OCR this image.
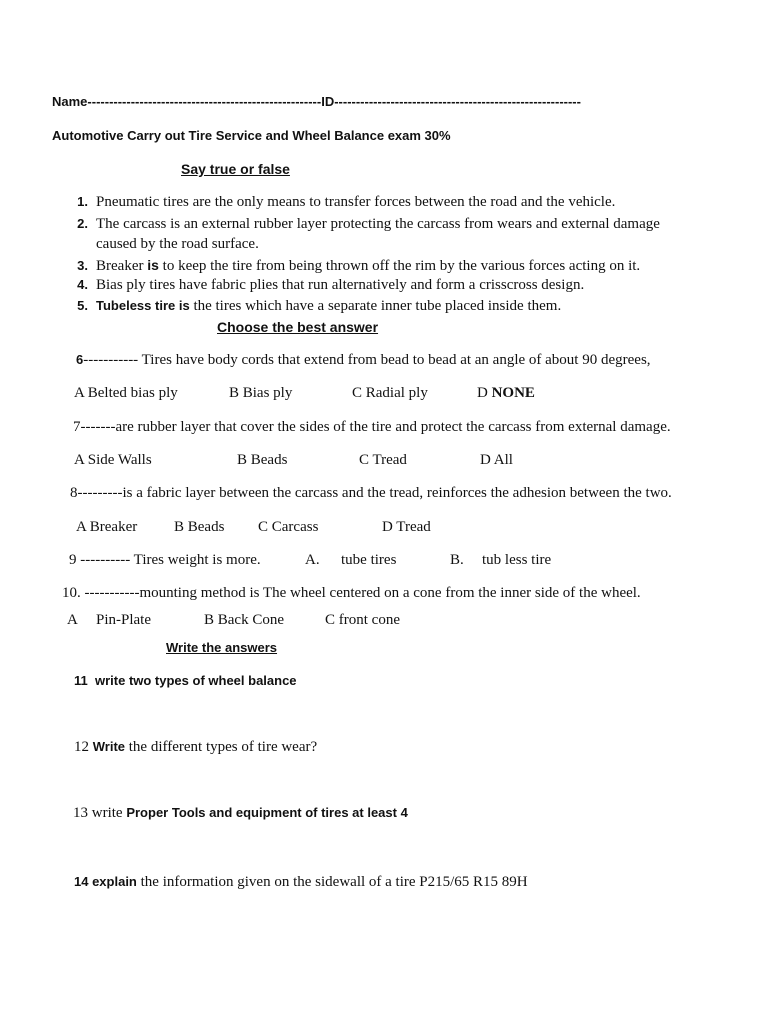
Name------------------------------------------------------ID---------------------------------------------------------
Automotive Carry out Tire Service and Wheel Balance exam 30%
Say true or false
1. Pneumatic tires are the only means to transfer forces between the road and the vehicle.
2. The carcass is an external rubber layer protecting the carcass from wears and external damage
caused by the road surface.
3. Breaker is to keep the tire from being thrown off the rim by the various forces acting on it.
4. Bias ply tires have fabric plies that run alternatively and form a crisscross design.
5. Tubeless tire is the tires which have a separate inner tube placed inside them.
Choose the best answer
6----------- Tires have body cords that extend from bead to bead at an angle of about 90 degrees,
A Belted bias ply	B Bias ply	C Radial ply	D NONE
7-------are rubber layer that cover the sides of the tire and protect the carcass from external damage.
A Side Walls	B Beads	C Tread	D All
8---------is a fabric layer between the carcass and the tread, reinforces the adhesion between the two.
A Breaker B Beads C Carcass	D Tread
9 ---------- Tires weight is more.	A. tube tires	B. tub less tire
10. -----------mounting method is The wheel centered on a cone from the inner side of the wheel.
A Pin-Plate	B Back Cone	C front cone
Write the answers
11 write two types of wheel balance
12 Write the different types of tire wear?
13 write Proper Tools and equipment of tires at least 4
14 explain the information given on the sidewall of a tire P215/65 R15 89H
